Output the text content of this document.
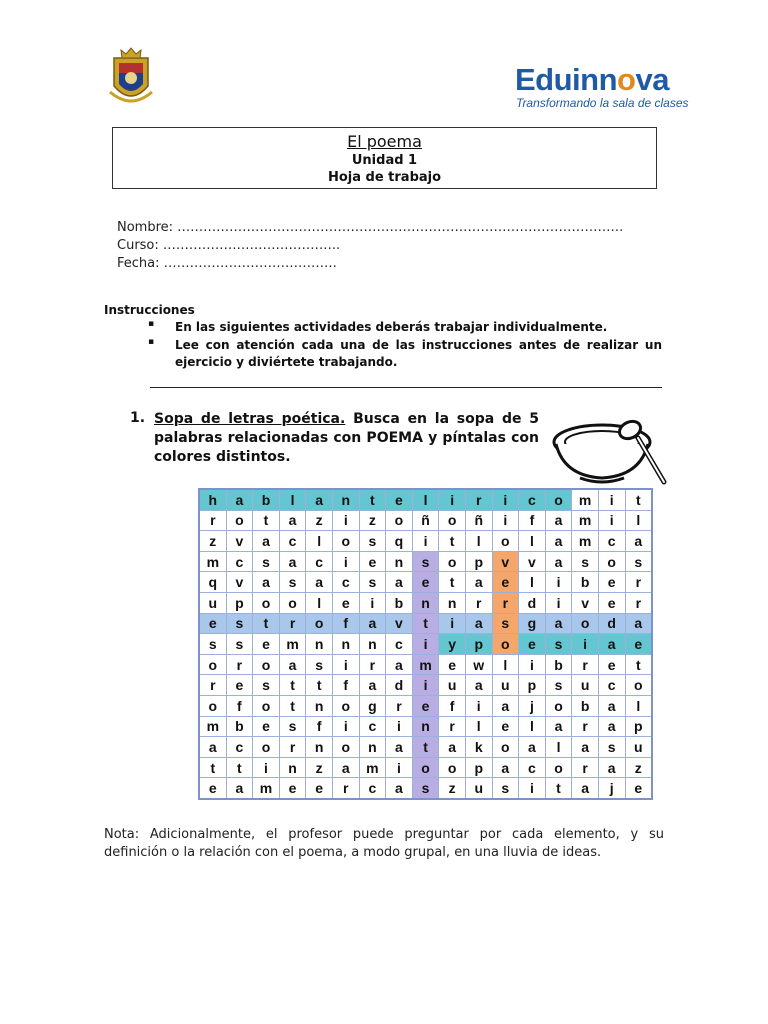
Eduinnova
Transformando la sala de clases
El poema
Unidad 1
Hoja de trabajo
Nombre: ………………………………………………………………………………………….
Curso: …………………………………..
Fecha: ………………………………….
Instrucciones
▪ En las siguientes actividades deberás trabajar individualmente.
▪ Lee con atención cada una de las instrucciones antes de realizar un ejercicio y diviértete trabajando.
1. Sopa de letras poética. Busca en la sopa de 5 palabras relacionadas con POEMA y píntalas con colores distintos.
h	a	b	l	a	n	t	e	l	i	r	i	c	o	m	i	t
r	o	t	a	z	i	z	o	ñ	o	ñ	i	f	a	m	i	l
z	v	a	c	l	o	s	q	i	t	l	o	l	a	m	c	a
m	c	s	a	c	i	e	n	s	o	p	v	v	a	s	o	s
q	v	a	s	a	c	s	a	e	t	a	e	l	i	b	e	r
u	p	o	o	l	e	i	b	n	n	r	r	d	i	v	e	r
e	s	t	r	o	f	a	v	t	i	a	s	g	a	o	d	a
s	s	e	m	n	n	n	c	i	y	p	o	e	s	i	a	e
o	r	o	a	s	i	r	a	m	e	w	l	i	b	r	e	t
r	e	s	t	t	f	a	d	i	u	a	u	p	s	u	c	o
o	f	o	t	n	o	g	r	e	f	i	a	j	o	b	a	l
m	b	e	s	f	i	c	i	n	r	l	e	l	a	r	a	p
a	c	o	r	n	o	n	a	t	a	k	o	a	l	a	s	u
t	t	i	n	z	a	m	i	o	o	p	a	c	o	r	a	z
e	a	m	e	e	r	c	a	s	z	u	s	i	t	a	j	e
Nota: Adicionalmente, el profesor puede preguntar por cada elemento, y su definición o la relación con el poema, a modo grupal, en una lluvia de ideas.
